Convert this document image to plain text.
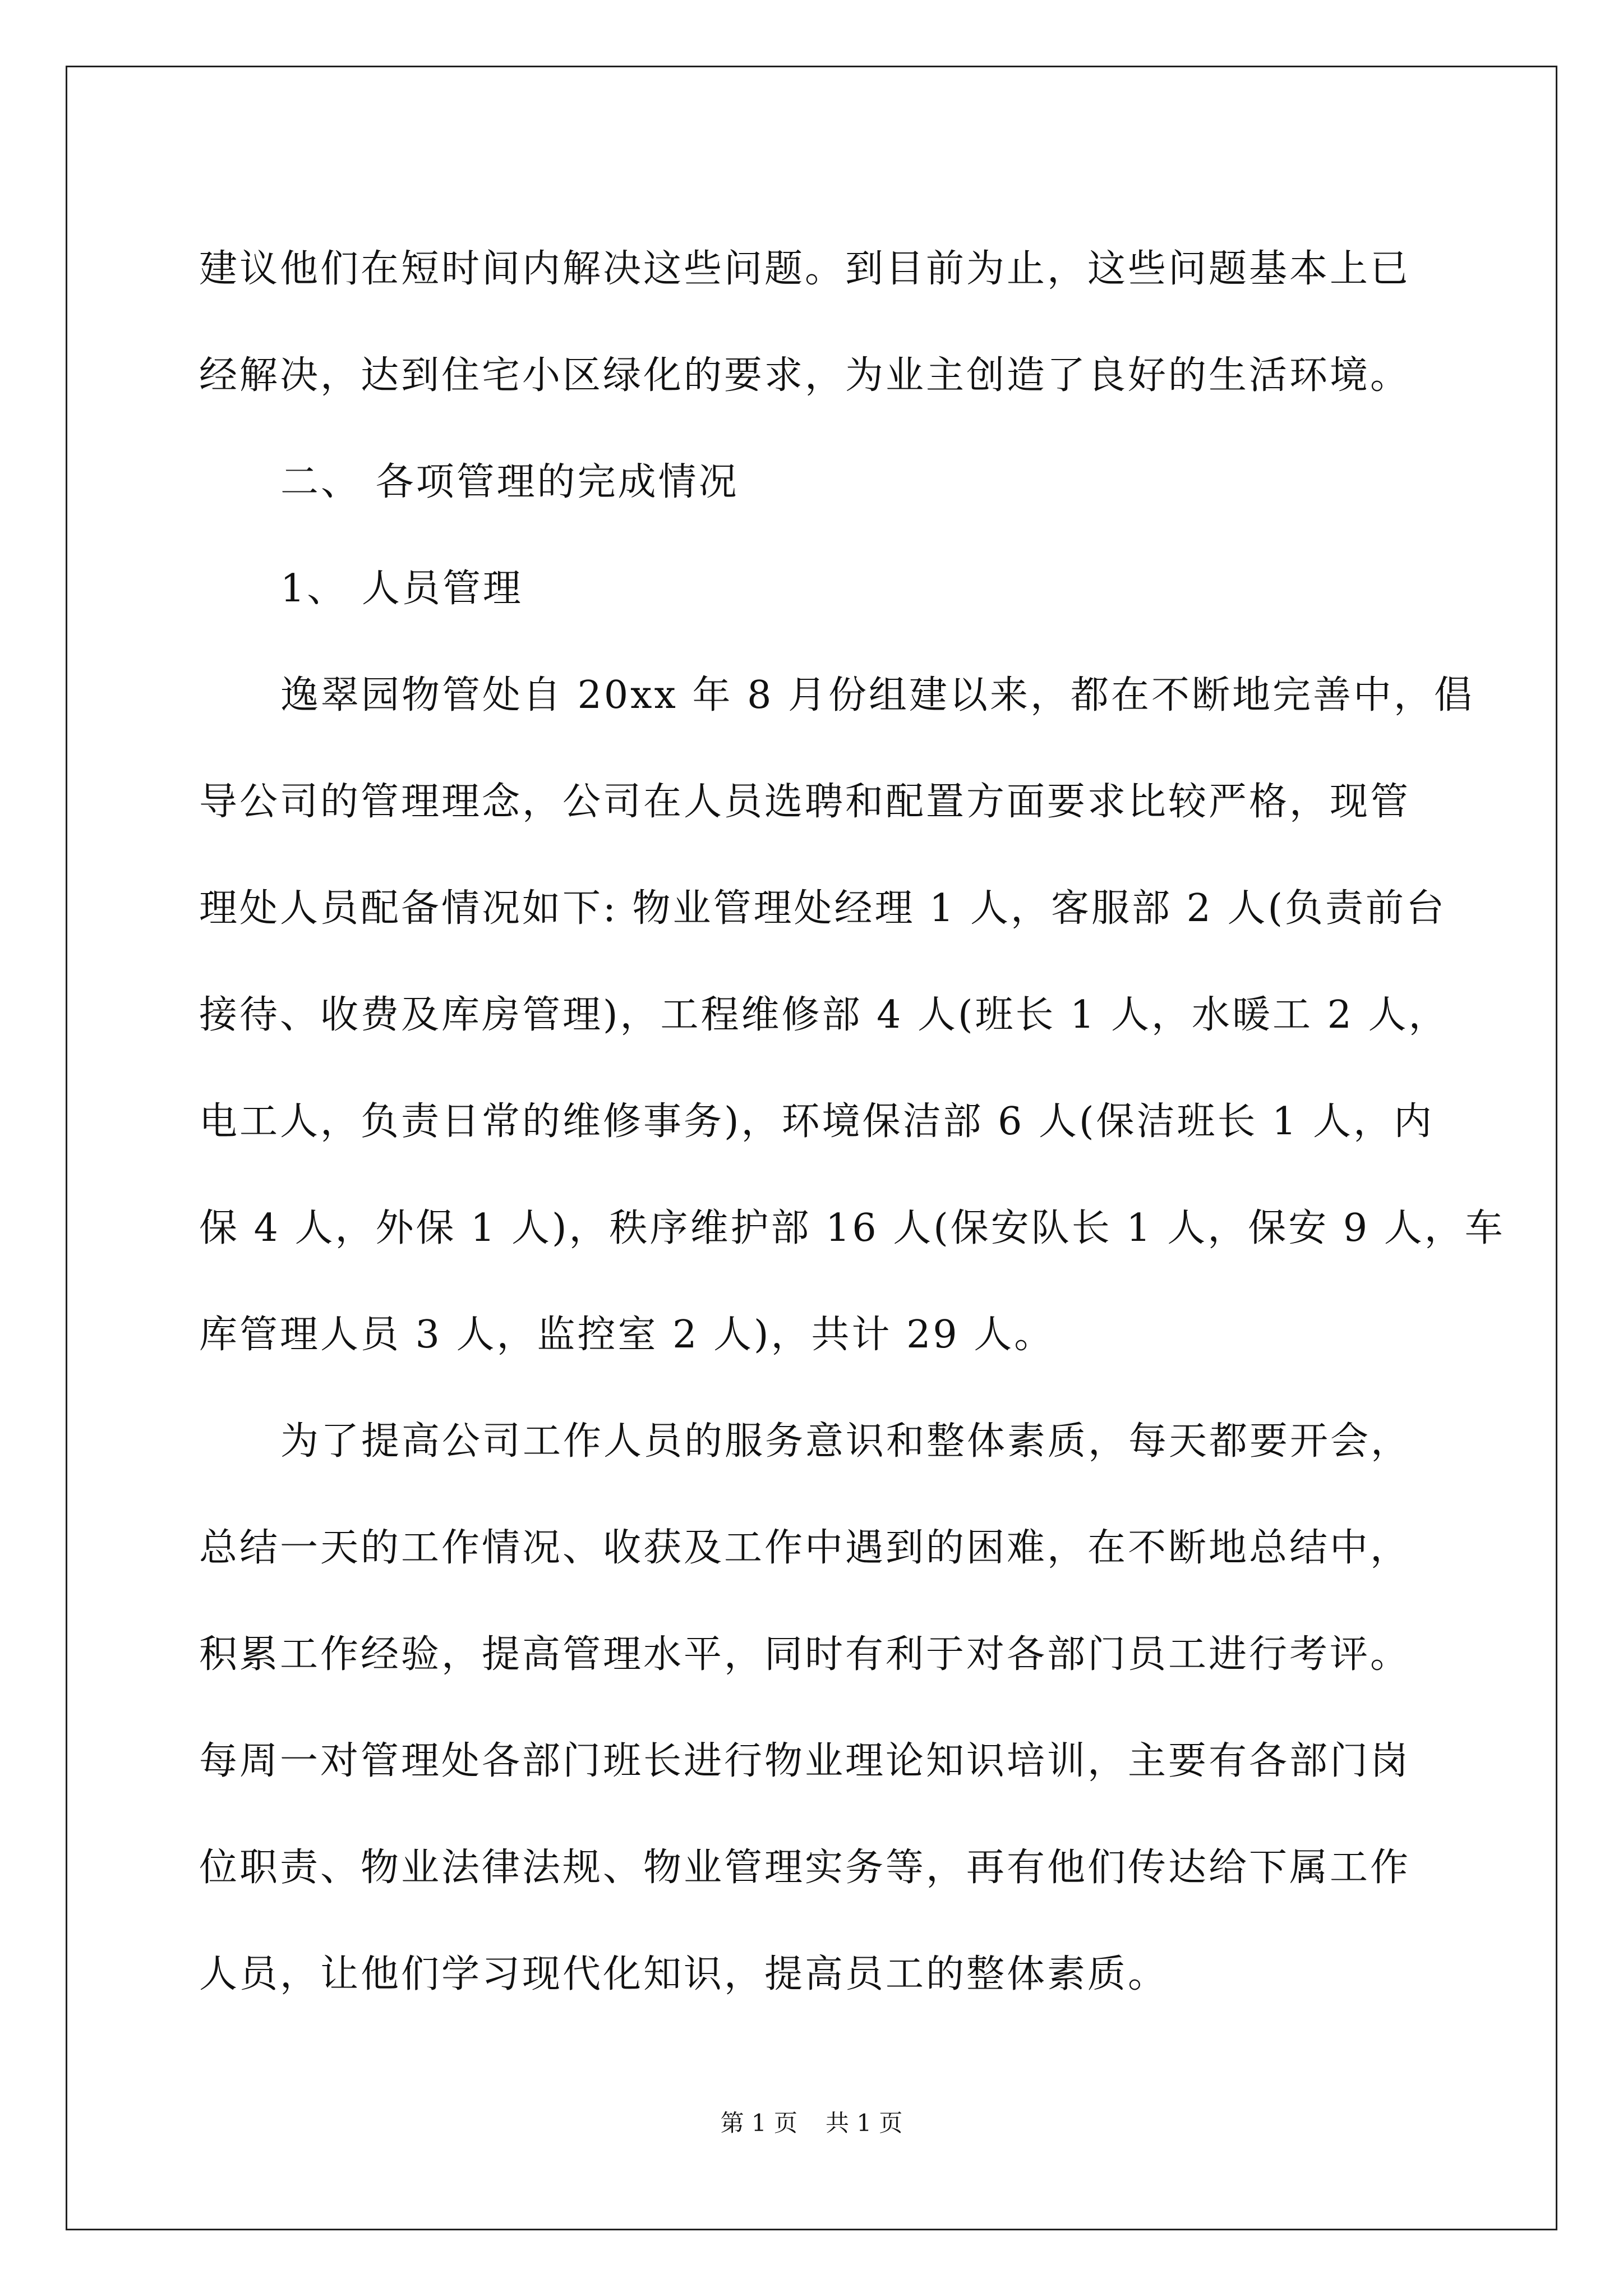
建议他们在短时间内解决这些问题。到目前为止，这些问题基本上已
经解决，达到住宅小区绿化的要求，为业主创造了良好的生活环境。
二、 各项管理的完成情况
1、 人员管理
逸翠园物管处自 20xx 年 8 月份组建以来，都在不断地完善中，倡
导公司的管理理念，公司在人员选聘和配置方面要求比较严格，现管
理处人员配备情况如下: 物业管理处经理 1 人，客服部 2 人(负责前台
接待、收费及库房管理)，工程维修部 4 人(班长 1 人，水暖工 2 人，
电工人，负责日常的维修事务)，环境保洁部 6 人(保洁班长 1 人，内
保 4 人，外保 1 人)，秩序维护部 16 人(保安队长 1 人，保安 9 人，车
库管理人员 3 人，监控室 2 人)，共计 29 人。
为了提高公司工作人员的服务意识和整体素质，每天都要开会，
总结一天的工作情况、收获及工作中遇到的困难，在不断地总结中，
积累工作经验，提高管理水平，同时有利于对各部门员工进行考评。
每周一对管理处各部门班长进行物业理论知识培训，主要有各部门岗
位职责、物业法律法规、物业管理实务等，再有他们传达给下属工作
人员，让他们学习现代化知识，提高员工的整体素质。
第 1 页 共 1 页
